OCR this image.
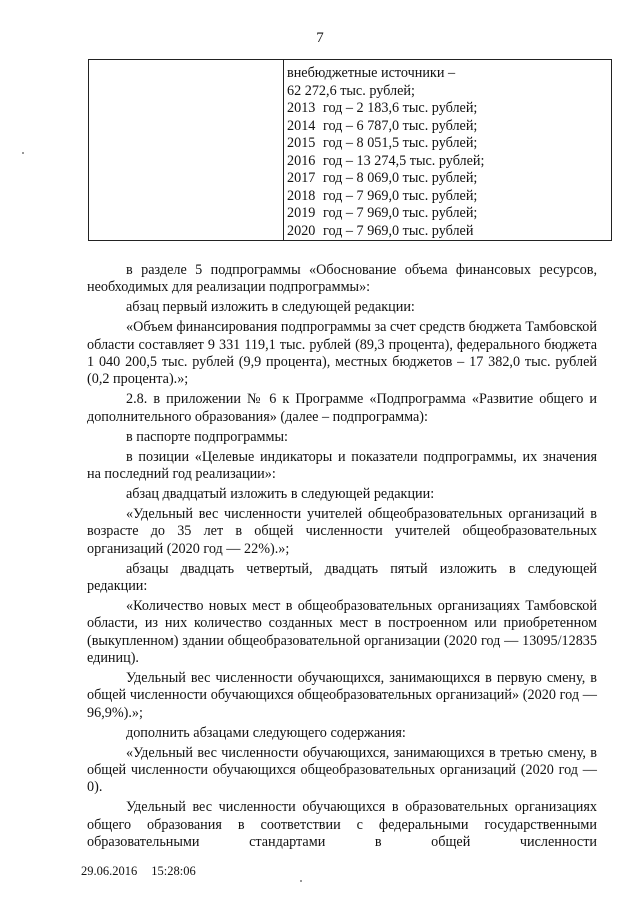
7
внебюджетные источники –
62 272,6 тыс. рублей;
2013 год – 2 183,6 тыс. рублей;
2014 год – 6 787,0 тыс. рублей;
2015 год – 8 051,5 тыс. рублей;
2016 год – 13 274,5 тыс. рублей;
2017 год – 8 069,0 тыс. рублей;
2018 год – 7 969,0 тыс. рублей;
2019 год – 7 969,0 тыс. рублей;
2020 год – 7 969,0 тыс. рублей

в разделе 5 подпрограммы «Обоснование объема финансовых ресурсов, необходимых для реализации подпрограммы»:

абзац первый изложить в следующей редакции:

«Объем финансирования подпрограммы за счет средств бюджета Тамбовской области составляет 9 331 119,1 тыс. рублей (89,3 процента), федерального бюджета 1 040 200,5 тыс. рублей (9,9 процента), местных бюджетов – 17 382,0 тыс. рублей (0,2 процента).»;

2.8. в приложении № 6 к Программе «Подпрограмма «Развитие общего и дополнительного образования» (далее – подпрограмма):

в паспорте подпрограммы:

в позиции «Целевые индикаторы и показатели подпрограммы, их значения на последний год реализации»:

абзац двадцатый изложить в следующей редакции:

«Удельный вес численности учителей общеобразовательных организаций в возрасте до 35 лет в общей численности учителей общеобразовательных организаций (2020 год — 22%).»;

абзацы двадцать четвертый, двадцать пятый изложить в следующей редакции:

«Количество новых мест в общеобразовательных организациях Тамбовской области, из них количество созданных мест в построенном или приобретенном (выкупленном) здании общеобразовательной организации (2020 год — 13095/12835 единиц).

Удельный вес численности обучающихся, занимающихся в первую смену, в общей численности обучающихся общеобразовательных организаций» (2020 год — 96,9%).»;

дополнить абзацами следующего содержания:

«Удельный вес численности обучающихся, занимающихся в третью смену, в общей численности обучающихся общеобразовательных организаций (2020 год — 0).

Удельный вес численности обучающихся в образовательных организациях общего образования в соответствии с федеральными государственными образовательными стандартами в общей численности

29.06.2016 15:28:06
